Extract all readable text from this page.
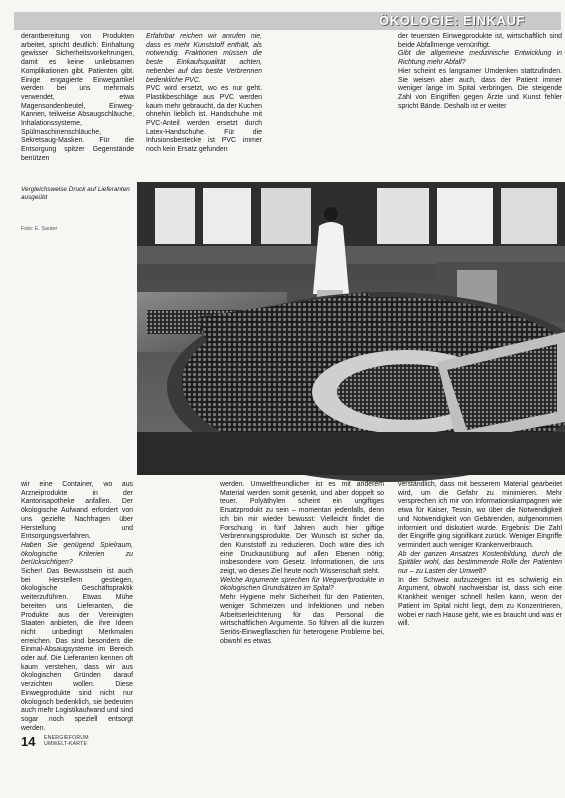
ÖKOLOGIE: EINKAUF

derantbereitung von Produkten arbeitet, spricht deutlich: Einhaltung gewisser Sicherheitsvorkehrungen, damit es keine unliebsamen Komplikationen gibt. Patienten gibt. Einige engagierte Einwegartikel werden bei uns mehrmals verwendet, etwa Magensondenbeutel, Einweg-Kannen, teilweise Absaugschläuche, Inhalationssysteme, Spülmaschinenschläuche, Sekretsaug-Masken. Für die Entsorgung spitzer Gegenstände benützen

Erfahrbar reichen wir anrufen nie, dass es mehr Kunststoff enthält, als notwendig. Fraktionen müssen die beste Einkaufsqualität achten, nebenbei auf das beste Verbrennen bedenkliche PVC.

PVC wird ersetzt, wo es nur geht. Plastikbeschläge aus PVC werden kaum mehr gebraucht, da der Kuchen ohnehin lieblich ist. Handschuhe mit PVC-Anteil werden ersetzt durch Latex-Handschuhe. Für die Infusionsbestecke ist PVC immer noch kein Ersatz gefunden

der teuersten Einwegprodukte ist, wirtschaftlich sind beide Abfallmenge vernünftigt.

Gibt die allgemeine medizinische Entwicklung in Richtung mehr Abfall?

Hier scheint es langsamer Umdenken stattzufinden. Sie weisen aber auch, dass der Patient immer weniger lange im Spital verbringen. Die steigende Zahl von Eingriffen gegen Ärzte und Kunst fehler spricht Bände. Deshalb ist er weiter

Vergleichsweise Druck auf Lieferanten ausgeübt
Foto: E. Sauter

wir eine Container, wo aus Arzneiprodukte in der Kantonsapotheke anfallen. Der ökologische Aufwand erfordert von uns gezielte Nachfragen über Herstellung und Entsorgungsverfahren.

Haben Sie genügend Spielraum, ökologische Kriterien zu berücksichtigen?

Sicher! Das Bewusstsein ist auch bei Herstellern gestiegen, ökologische Geschäftspraktik weiterzuführen. Etwas Mühe bereiten uns Lieferanten, die Produkte aus der Vereinigten Staaten anbieten, die ihre Ideen nicht unbedingt Merkmalen erreichen. Das sind besonders die Einmal-Absaugsysteme im Bereich oder auf. Die Lieferanten kennen oft kaum verstehen, dass wir aus ökologischen Gründen darauf verzichten wollen. Diese Einwegprodukte sind nicht nur ökologisch bedenklich, sie bedeuten auch mehr Logistikaufwand und sind sogar noch speziell entsorgt werden.

werden. Umweltfreundlicher ist es mit anderem Material werden somit gesenkt, und aber doppelt so teuer. Polyäthylen scheint ein ungiftiges Ersatzprodukt zu sein – momentan jedenfalls, denn ich bin mir wieder bewusst: Vielleicht findet die Forschung in fünf Jahren auch hier giftige Verbrennungsprodukte. Der Wunsch ist sicher da, den Kunststoff zu reduzieren. Doch wäre dies ich eine Druckausübung auf allen Ebenen nötig; insbesondere vom Gesetz. Informationen, die uns zeigt, wo dieses Ziel heute noch Wissenschaft steht.

Welche Argumente sprechen für Wegwerfprodukte in ökologischen Grundsätzen im Spital?

Mehr Hygiene mehr Sicherheit für den Patienten, weniger Schmerzen und Infektionen und neben Arbeitserleichterung für das Personal die wirtschaftlichen Argumente. So führen all die kurzen Seriös-Einwegflaschen für heterogene Probleme bei, obwohl es etwas

verständlich, dass mit besserem Material gearbeitet wird, um die Gefahr zu minimieren. Mehr versprechen ich mir von Informationskampagnen wie etwa für Kaiser, Tessin, wo über die Notwendigkeit und Notwendigkeit von Gebärenden, aufgenommen informiert und diskutiert wurde. Ergebnis: Die Zahl der Eingriffe ging signifikant zurück. Weniger Eingriffe vermindert auch weniger Krankenverbrauch.

Ab der ganzen Ansatzes Kostenbildung, durch die Spitäler wohl, das bestimmende Rolle der Patienten nur – zu Lasten der Umwelt?

In der Schweiz aufzuzeigen ist es schwierig ein Argument, obwohl nachweisbar ist, dass sich eine Krankheit weniger schnell heilen kann, wenn der Patient im Spital nicht liegt, dem zu Konzentrieren, wobei er nach Hause geht, wie es braucht und was er will.

14 ENERGIEFORUM
UMWELT-KARTE
